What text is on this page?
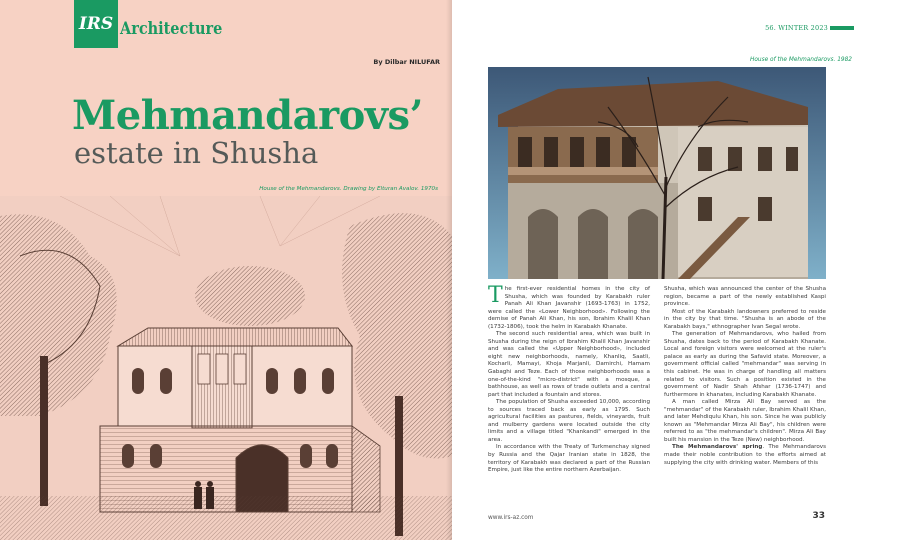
IRS Architecture
By Dilbar NILUFAR
Mehmandarovs’
estate in Shusha
House of the Mehmandarovs. Drawing by Elturan Avalov. 1970s
56. WINTER 2023
House of the Mehmandarovs. 1982

The first-ever residential homes in the city of Shusha, which was founded by Karabakh ruler Panah Ali Khan Javanshir (1693-1763) in 1752, were called the «Lower Neighborhood». Following the demise of Panah Ali Khan, his son, Ibrahim Khalil Khan (1732-1806), took the helm in Karabakh Khanate.

The second such residential area, which was built in Shusha during the reign of Ibrahim Khalil Khan Javanshir and was called the «Upper Neighborhood», included eight new neighborhoods, namely, Khanliq, Saatli, Kocharli, Mamayi, Khoja Marjanli, Damirchi, Hamam Gabaghi and Teze. Each of those neighborhoods was a one-of-the-kind "micro-district" with a mosque, a bathhouse, as well as rows of trade outlets and a central part that included a fountain and stores.

The population of Shusha exceeded 10,000, according to sources traced back as early as 1795. Such agricultural facilities as pastures, fields, vineyards, fruit and mulberry gardens were located outside the city limits and a village titled "Khankandi" emerged in the area.

In accordance with the Treaty of Turkmenchay signed by Russia and the Qajar Iranian state in 1828, the territory of Karabakh was declared a part of the Russian Empire, just like the entire northern Azerbaijan.

Shusha, which was announced the center of the Shusha region, became a part of the newly established Kaspi province.

Most of the Karabakh landowners preferred to reside in the city by that time. "Shusha is an abode of the Karabakh bays," ethnographer Ivan Segal wrote.

The generation of Mehmandarovs, who hailed from Shusha, dates back to the period of Karabakh Khanate. Local and foreign visitors were welcomed at the ruler's palace as early as during the Safavid state. Moreover, a government official called "mehmandar" was serving in this cabinet. He was in charge of handling all matters related to visitors. Such a position existed in the government of Nadir Shah Afshar (1736-1747) and furthermore in khanates, including Karabakh Khanate.

A man called Mirza Ali Bay served as the "mehmandar" of the Karabakh ruler, Ibrahim Khalil Khan, and later Mehdiqulu Khan, his son. Since he was publicly known as "Mehmandar Mirza Ali Bay", his children were referred to as "the mehmandar's children". Mirza Ali Bay built his mansion in the Teze (New) neighborhood.

The Mehmandarovs' spring. The Mehmandarovs made their noble contribution to the efforts aimed at supplying the city with drinking water. Members of this

www.irs-az.com	33
